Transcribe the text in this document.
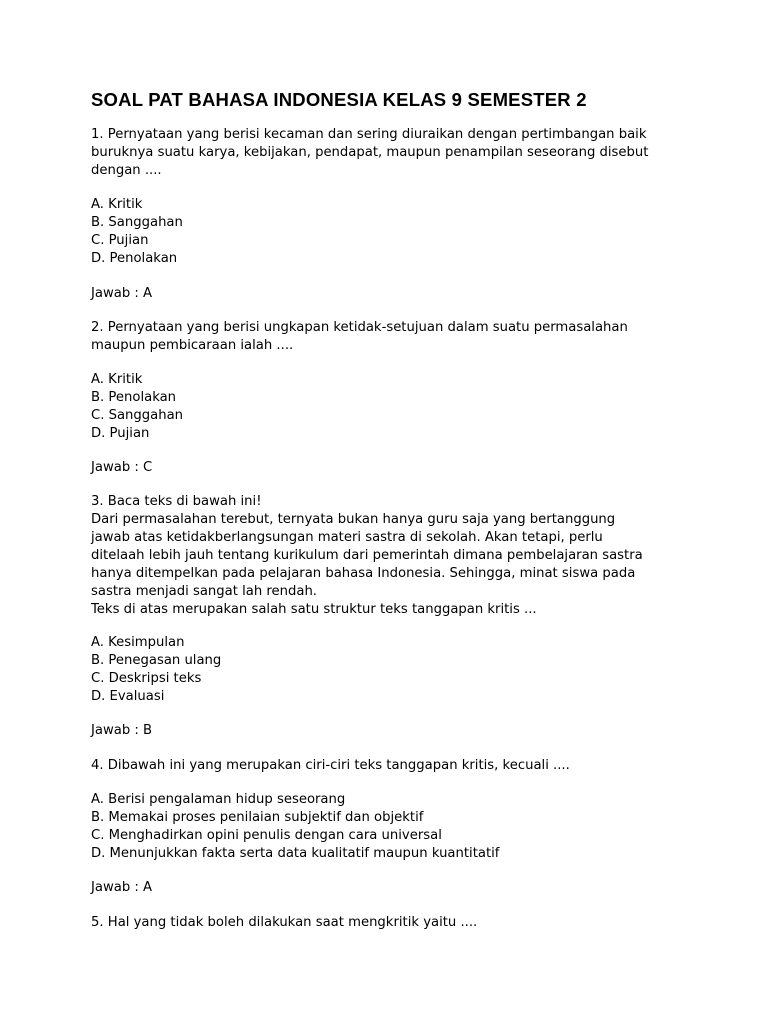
SOAL PAT BAHASA INDONESIA KELAS 9 SEMESTER 2
1. Pernyataan yang berisi kecaman dan sering diuraikan dengan pertimbangan baik
buruknya suatu karya, kebijakan, pendapat, maupun penampilan seseorang disebut
dengan ....
A. Kritik
B. Sanggahan
C. Pujian
D. Penolakan
Jawab : A
2. Pernyataan yang berisi ungkapan ketidak-setujuan dalam suatu permasalahan
maupun pembicaraan ialah ....
A. Kritik
B. Penolakan
C. Sanggahan
D. Pujian
Jawab : C
3. Baca teks di bawah ini!
Dari permasalahan terebut, ternyata bukan hanya guru saja yang bertanggung
jawab atas ketidakberlangsungan materi sastra di sekolah. Akan tetapi, perlu
ditelaah lebih jauh tentang kurikulum dari pemerintah dimana pembelajaran sastra
hanya ditempelkan pada pelajaran bahasa Indonesia. Sehingga, minat siswa pada
sastra menjadi sangat lah rendah.
Teks di atas merupakan salah satu struktur teks tanggapan kritis ...
A. Kesimpulan
B. Penegasan ulang
C. Deskripsi teks
D. Evaluasi
Jawab : B
4. Dibawah ini yang merupakan ciri-ciri teks tanggapan kritis, kecuali ....
A. Berisi pengalaman hidup seseorang
B. Memakai proses penilaian subjektif dan objektif
C. Menghadirkan opini penulis dengan cara universal
D. Menunjukkan fakta serta data kualitatif maupun kuantitatif
Jawab : A
5. Hal yang tidak boleh dilakukan saat mengkritik yaitu ....
